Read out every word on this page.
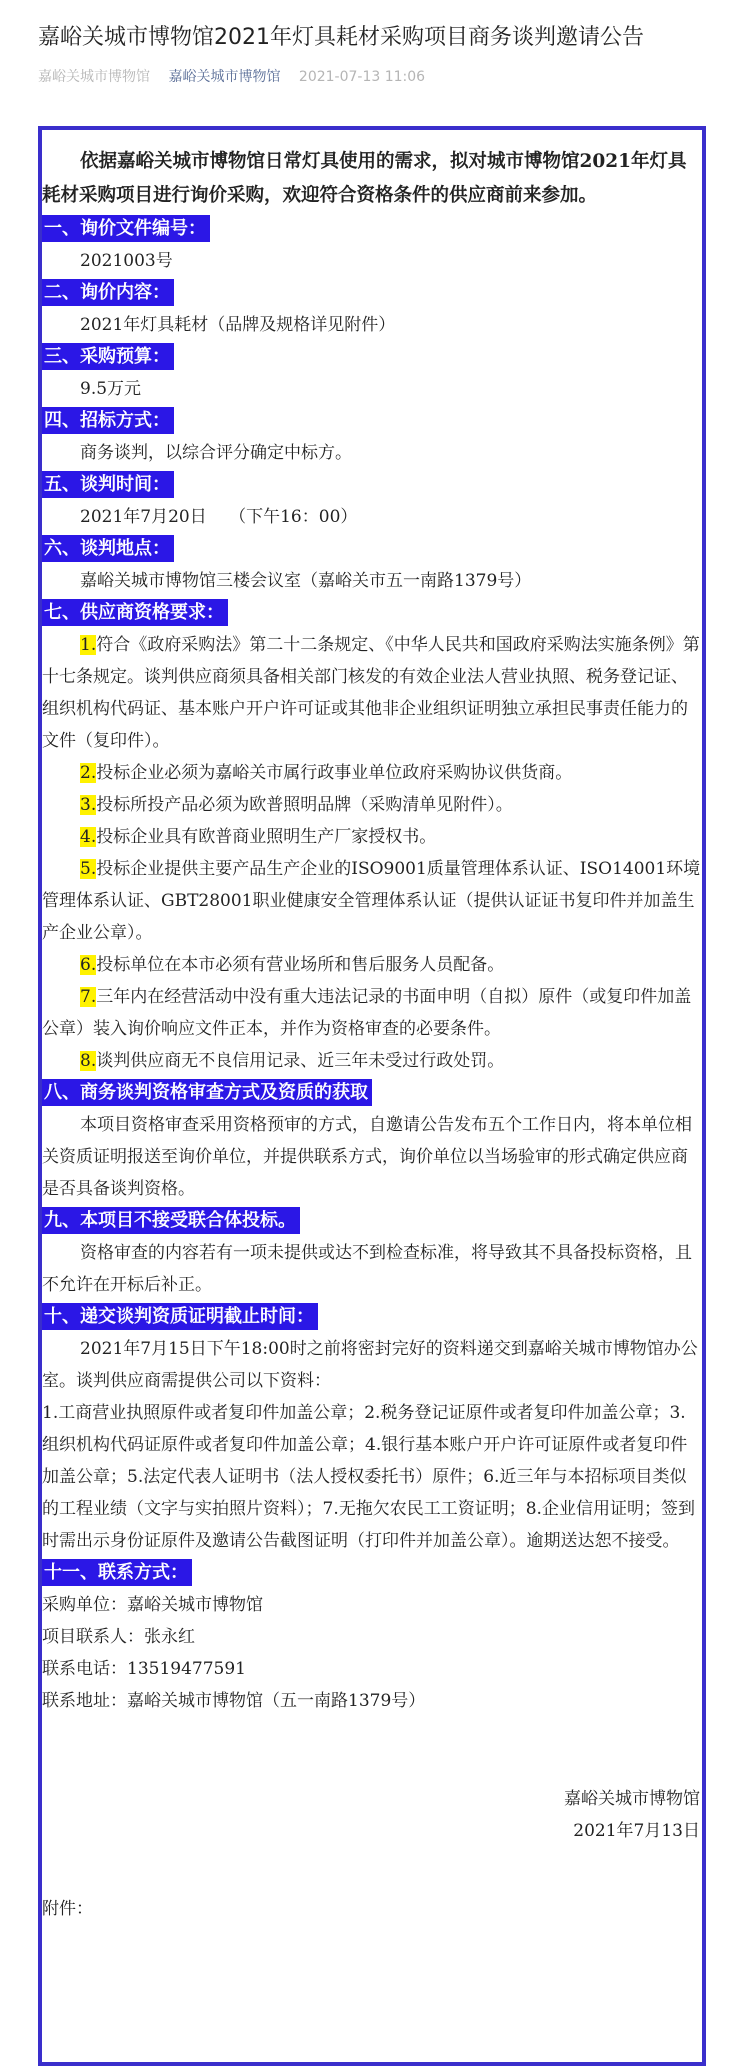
嘉峪关城市博物馆2021年灯具耗材采购项目商务谈判邀请公告
嘉峪关城市博物馆 嘉峪关城市博物馆 2021-07-13 11:06

依据嘉峪关城市博物馆日常灯具使用的需求，拟对城市博物馆2021年灯具耗材采购项目进行询价采购，欢迎符合资格条件的供应商前来参加。

一、询价文件编号：

2021003号

二、询价内容：

2021年灯具耗材（品牌及规格详见附件）

三、采购预算：

9.5万元

四、招标方式：

商务谈判，以综合评分确定中标方。

五、谈判时间：

2021年7月20日　 （下午16：00）

六、谈判地点：

嘉峪关城市博物馆三楼会议室（嘉峪关市五一南路1379号）

七、供应商资格要求：

1.符合《政府采购法》第二十二条规定、《中华人民共和国政府采购法实施条例》第十七条规定。谈判供应商须具备相关部门核发的有效企业法人营业执照、税务登记证、组织机构代码证、基本账户开户许可证或其他非企业组织证明独立承担民事责任能力的文件（复印件）。

2.投标企业必须为嘉峪关市属行政事业单位政府采购协议供货商。

3.投标所投产品必须为欧普照明品牌（采购清单见附件）。

4.投标企业具有欧普商业照明生产厂家授权书。

5.投标企业提供主要产品生产企业的ISO9001质量管理体系认证、ISO14001环境管理体系认证、GBT28001职业健康安全管理体系认证（提供认证证书复印件并加盖生产企业公章）。

6.投标单位在本市必须有营业场所和售后服务人员配备。

7.三年内在经营活动中没有重大违法记录的书面申明（自拟）原件（或复印件加盖公章）装入询价响应文件正本，并作为资格审查的必要条件。

8.谈判供应商无不良信用记录、近三年未受过行政处罚。

八、商务谈判资格审查方式及资质的获取

本项目资格审查采用资格预审的方式，自邀请公告发布五个工作日内，将本单位相关资质证明报送至询价单位，并提供联系方式，询价单位以当场验审的形式确定供应商是否具备谈判资格。

九、本项目不接受联合体投标。

资格审查的内容若有一项未提供或达不到检查标准，将导致其不具备投标资格，且不允许在开标后补正。

十、递交谈判资质证明截止时间：

2021年7月15日下午18:00时之前将密封完好的资料递交到嘉峪关城市博物馆办公室。谈判供应商需提供公司以下资料：

1.工商营业执照原件或者复印件加盖公章；2.税务登记证原件或者复印件加盖公章；3.组织机构代码证原件或者复印件加盖公章；4.银行基本账户开户许可证原件或者复印件加盖公章；5.法定代表人证明书（法人授权委托书）原件；6.近三年与本招标项目类似的工程业绩（文字与实拍照片资料）；7.无拖欠农民工工资证明；8.企业信用证明；签到时需出示身份证原件及邀请公告截图证明（打印件并加盖公章）。逾期送达恕不接受。

十一、联系方式：

采购单位：嘉峪关城市博物馆

项目联系人：张永红

联系电话：13519477591

联系地址：嘉峪关城市博物馆（五一南路1379号）

嘉峪关城市博物馆

2021年7月13日

附件：
